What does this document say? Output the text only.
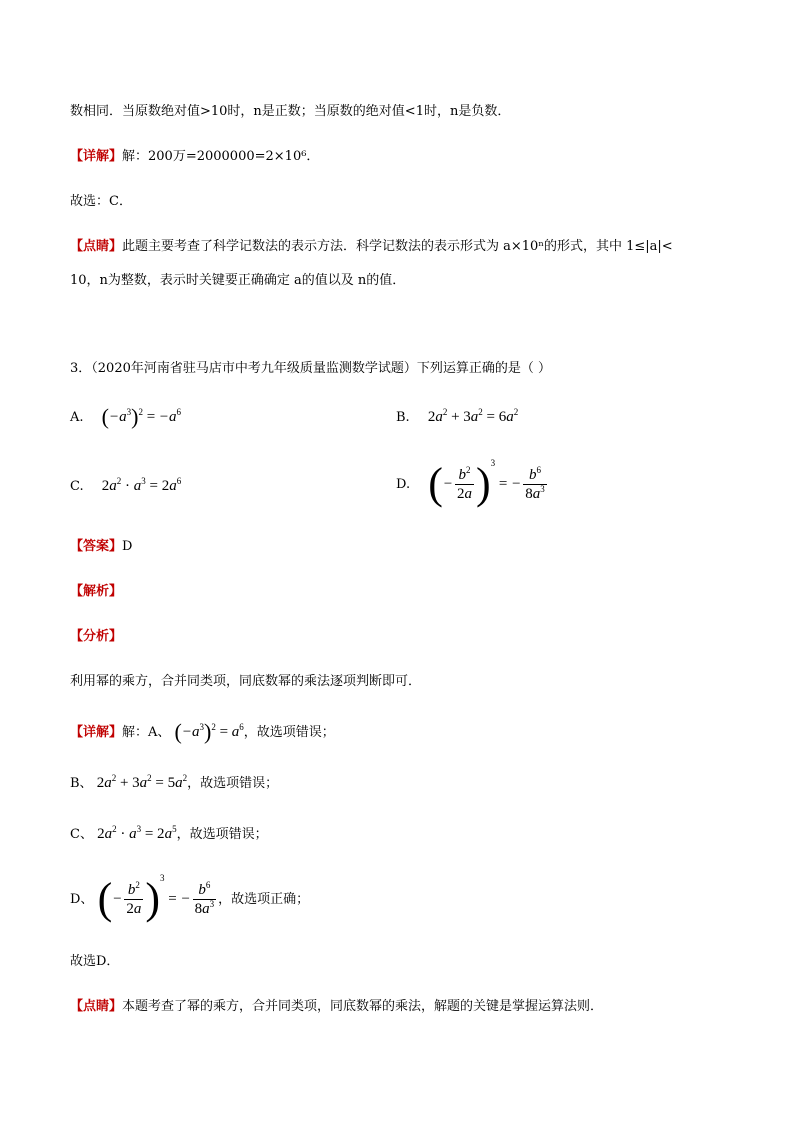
数相同．当原数绝对值>10时，n是正数；当原数的绝对值<1时，n是负数．
【详解】解：200万=2000000=2×10⁶．
故选：C．
【点睛】此题主要考查了科学记数法的表示方法．科学记数法的表示形式为 a×10ⁿ的形式，其中 1≤|a|<
10，n为整数，表示时关键要正确确定 a的值以及 n的值．
3．（2020年河南省驻马店市中考九年级质量监测数学试题）下列运算正确的是（ ）
A. $(-a^3)^2 = -a^6$	B. $2a^2 + 3a^2 = 6a^2$
C. $2a^2 \cdot a^3 = 2a^6$	D. (− $\frac{b^2}{2a} )^3$ = − $\frac{b^6}{8a^3}$
【答案】D
【解析】
【分析】
利用幂的乘方，合并同类项，同底数幂的乘法逐项判断即可．
【详解】解：A、 $(-a^3)^2 = a^6$，故选项错误；
B、 $2a^2 + 3a^2 = 5a^2$，故选项错误；
C、 $2a^2 \cdot a^3 = 2a^5$，故选项错误；
D、 (− $\frac{b^2}{2a} )^3$ = − $\frac{b^6}{8a^3}$ ，故选项正确；
故选D．
【点睛】本题考查了幂的乘方，合并同类项，同底数幂的乘法，解题的关键是掌握运算法则．
